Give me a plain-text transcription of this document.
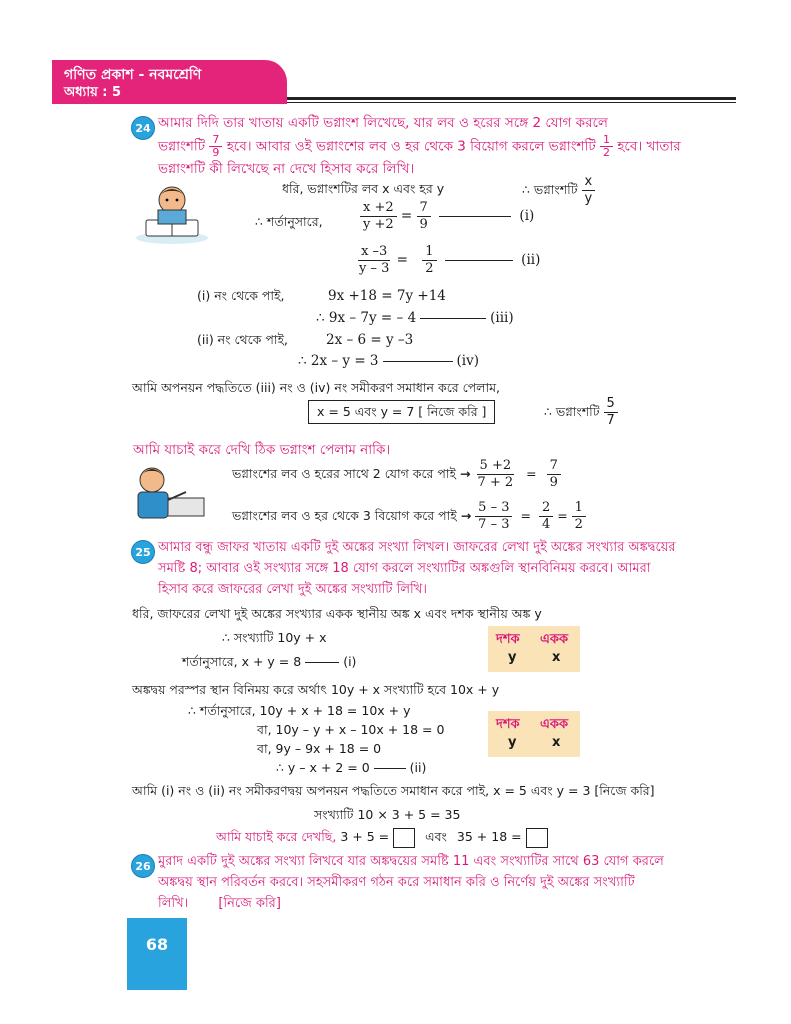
গণিত প্রকাশ - নবমশ্রেণি
অধ্যায় : 5
24 আমার দিদি তার খাতায় একটি ভগ্নাংশ লিখেছে, যার লব ও হরের সঙ্গে 2 যোগ করলে
ভগ্নাংশটি $\frac{7}{9}$ হবে। আবার ওই ভগ্নাংশের লব ও হর থেকে 3 বিয়োগ করলে ভগ্নাংশটি $\frac{1}{2}$ হবে। খাতার
ভগ্নাংশটি কী লিখেছে না দেখে হিসাব করে লিখি।
ধরি, ভগ্নাংশটির লব x এবং হর y	∴ ভগ্নাংশটি $\frac{x}{y}$
∴ শর্তানুসারে,	$\frac{x +2}{y +2} = \frac{7}{9}$	(i)
$\frac{x -3}{y - 3} = \frac{1}{2}$	(ii)
(i) নং থেকে পাই,	9x +18 = 7y +14
∴ 9x – 7y = – 4	(iii)
(ii) নং থেকে পাই,	2x – 6 = y –3
∴ 2x – y = 3	(iv)
আমি অপনয়ন পদ্ধতিতে (iii) নং ও (iv) নং সমীকরণ সমাধান করে পেলাম,
x = 5 এবং y = 7 [ নিজে করি ]	∴ ভগ্নাংশটি $\frac{5}{7}$
আমি যাচাই করে দেখি ঠিক ভগ্নাংশ পেলাম নাকি।
ভগ্নাংশের লব ও হরের সাথে 2 যোগ করে পাই → $\frac{5 +2}{7 + 2} = \frac{7}{9}$
ভগ্নাংশের লব ও হর থেকে 3 বিয়োগ করে পাই → $\frac{5 - 3}{7 - 3} = \frac{2}{4} = \frac{1}{2}$
25 আমার বন্ধু জাফর খাতায় একটি দুই অঙ্কের সংখ্যা লিখল। জাফরের লেখা দুই অঙ্কের সংখ্যার অঙ্কদ্বয়ের
সমষ্টি 8; আবার ওই সংখ্যার সঙ্গে 18 যোগ করলে সংখ্যাটির অঙ্কগুলি স্থানবিনিময় করবে। আমরা
হিসাব করে জাফরের লেখা দুই অঙ্কের সংখ্যাটি লিখি।
ধরি, জাফরের লেখা দুই অঙ্কের সংখ্যার একক স্থানীয় অঙ্ক x এবং দশক স্থানীয় অঙ্ক y
∴ সংখ্যাটি 10y + x
শর্তানুসারে, x + y = 8	(i)
দশক একক
y	x
অঙ্কদ্বয় পরস্পর স্থান বিনিময় করে অর্থাৎ 10y + x সংখ্যাটি হবে 10x + y
∴ শর্তানুসারে, 10y + x + 18 = 10x + y
বা, 10y – y + x – 10x + 18 = 0
বা, 9y – 9x + 18 = 0
∴ y – x + 2 = 0	(ii)
দশক একক
y	x
আমি (i) নং ও (ii) নং সমীকরণদ্বয় অপনয়ন পদ্ধতিতে সমাধান করে পাই, x = 5 এবং y = 3 [নিজে করি]
সংখ্যাটি 10 × 3 + 5 = 35
আমি যাচাই করে দেখছি, 3 + 5 =	এবং 35 + 18 =
26 মুরাদ একটি দুই অঙ্কের সংখ্যা লিখবে যার অঙ্কদ্বয়ের সমষ্টি 11 এবং সংখ্যাটির সাথে 63 যোগ করলে
অঙ্কদ্বয় স্থান পরিবর্তন করবে। সহসমীকরণ গঠন করে সমাধান করি ও নির্ণেয় দুই অঙ্কের সংখ্যাটি
লিখি। [নিজে করি]
68
